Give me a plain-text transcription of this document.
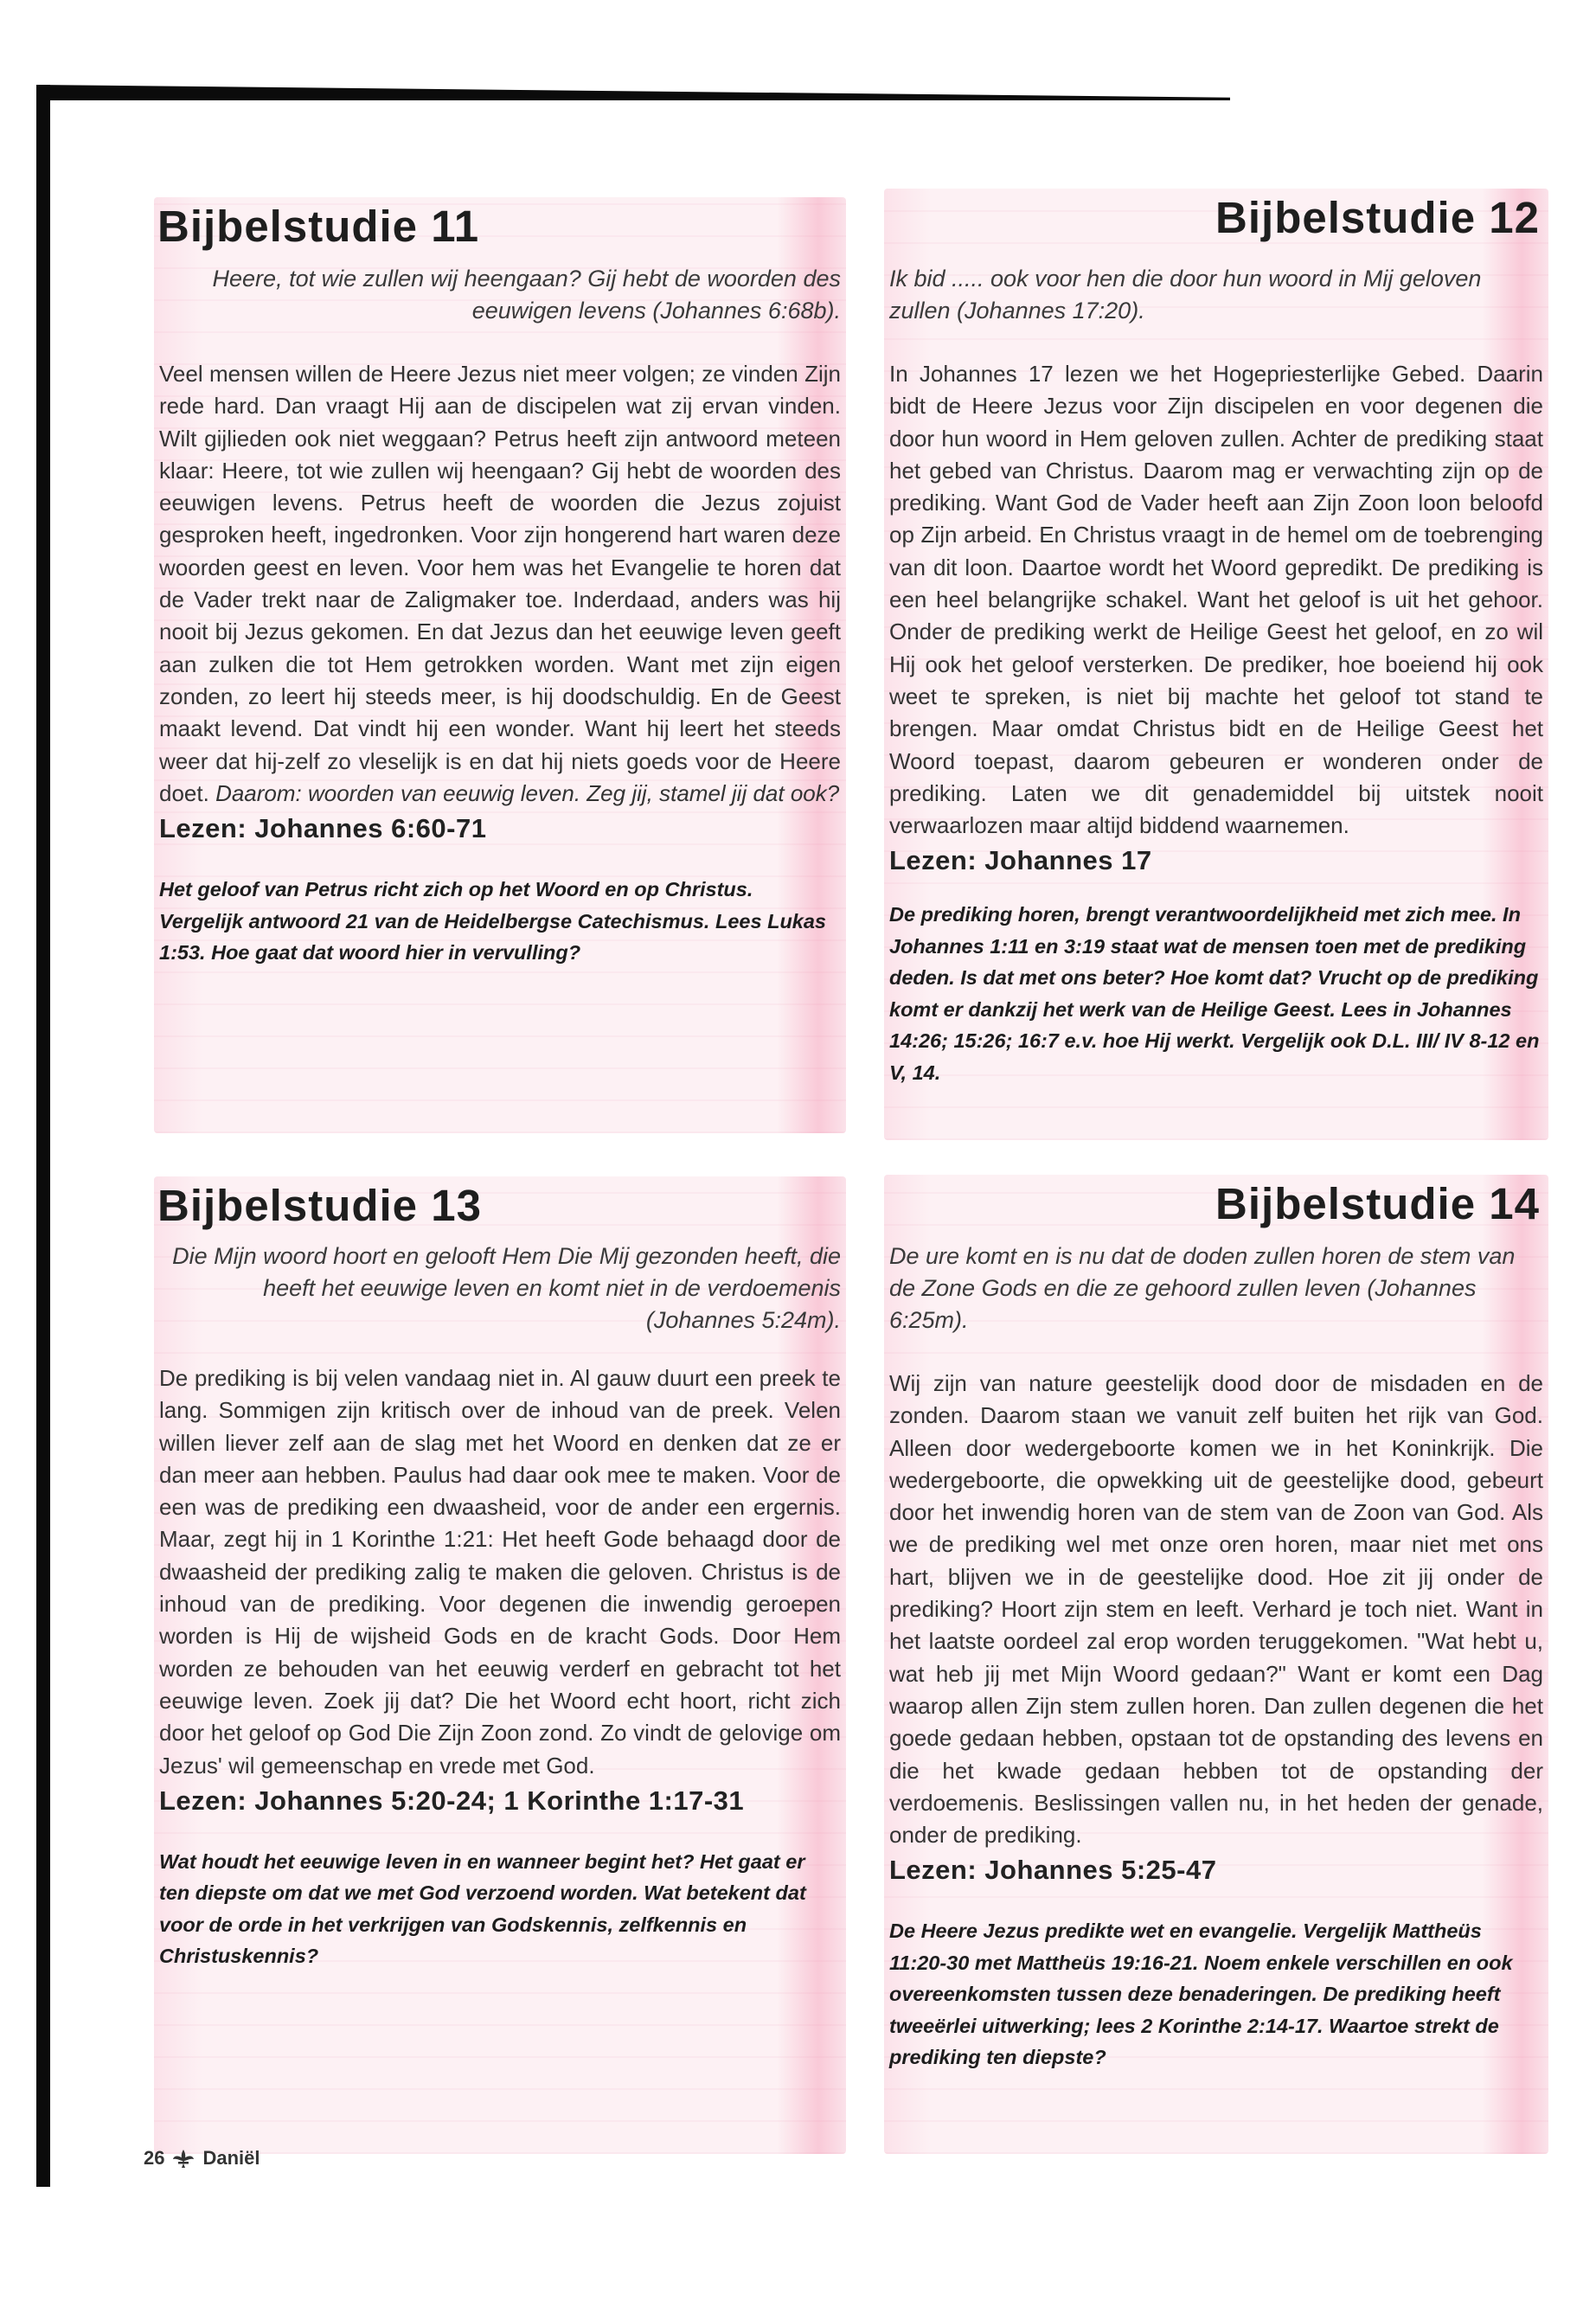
Bijbelstudie 11

Heere, tot wie zullen wij heengaan? Gij hebt de woorden des eeuwigen levens (Johannes 6:68b).

Veel mensen willen de Heere Jezus niet meer volgen; ze vinden Zijn rede hard. Dan vraagt Hij aan de discipelen wat zij ervan vinden. Wilt gijlieden ook niet weggaan? Petrus heeft zijn antwoord meteen klaar: Heere, tot wie zullen wij heengaan? Gij hebt de woorden des eeuwigen levens. Petrus heeft de woorden die Jezus zojuist gesproken heeft, ingedronken. Voor zijn hongerend hart waren deze woorden geest en leven. Voor hem was het Evangelie te horen dat de Vader trekt naar de Zaligmaker toe. Inderdaad, anders was hij nooit bij Jezus gekomen. En dat Jezus dan het eeuwige leven geeft aan zulken die tot Hem getrokken worden. Want met zijn eigen zonden, zo leert hij steeds meer, is hij doodschuldig. En de Geest maakt levend. Dat vindt hij een wonder. Want hij leert het steeds weer dat hij-zelf zo vleselijk is en dat hij niets goeds voor de Heere doet. Daarom: woorden van eeuwig leven. Zeg jij, stamel jij dat ook?

Lezen: Johannes 6:60-71

Het geloof van Petrus richt zich op het Woord en op Christus. Vergelijk antwoord 21 van de Heidelbergse Catechismus. Lees Lukas 1:53. Hoe gaat dat woord hier in vervulling?

Bijbelstudie 12

Ik bid ..... ook voor hen die door hun woord in Mij geloven zullen (Johannes 17:20).

In Johannes 17 lezen we het Hogepriesterlijke Gebed. Daarin bidt de Heere Jezus voor Zijn discipelen en voor degenen die door hun woord in Hem geloven zullen. Achter de prediking staat het gebed van Christus. Daarom mag er verwachting zijn op de prediking. Want God de Vader heeft aan Zijn Zoon loon beloofd op Zijn arbeid. En Christus vraagt in de hemel om de toebrenging van dit loon. Daartoe wordt het Woord gepredikt. De prediking is een heel belangrijke schakel. Want het geloof is uit het gehoor. Onder de prediking werkt de Heilige Geest het geloof, en zo wil Hij ook het geloof versterken. De prediker, hoe boeiend hij ook weet te spreken, is niet bij machte het geloof tot stand te brengen. Maar omdat Christus bidt en de Heilige Geest het Woord toepast, daarom gebeuren er wonderen onder de prediking. Laten we dit genademiddel bij uitstek nooit verwaarlozen maar altijd biddend waarnemen.

Lezen: Johannes 17

De prediking horen, brengt verantwoordelijkheid met zich mee. In Johannes 1:11 en 3:19 staat wat de mensen toen met de prediking deden. Is dat met ons beter? Hoe komt dat? Vrucht op de prediking komt er dankzij het werk van de Heilige Geest. Lees in Johannes 14:26; 15:26; 16:7 e.v. hoe Hij werkt. Vergelijk ook D.L. III/ IV 8-12 en V, 14.

Bijbelstudie 13

Die Mijn woord hoort en gelooft Hem Die Mij gezonden heeft, die heeft het eeuwige leven en komt niet in de verdoemenis (Johannes 5:24m).

De prediking is bij velen vandaag niet in. Al gauw duurt een preek te lang. Sommigen zijn kritisch over de inhoud van de preek. Velen willen liever zelf aan de slag met het Woord en denken dat ze er dan meer aan hebben. Paulus had daar ook mee te maken. Voor de een was de prediking een dwaasheid, voor de ander een ergernis. Maar, zegt hij in 1 Korinthe 1:21: Het heeft Gode behaagd door de dwaasheid der prediking zalig te maken die geloven. Christus is de inhoud van de prediking. Voor degenen die inwendig geroepen worden is Hij de wijsheid Gods en de kracht Gods. Door Hem worden ze behouden van het eeuwig verderf en gebracht tot het eeuwige leven. Zoek jij dat? Die het Woord echt hoort, richt zich door het geloof op God Die Zijn Zoon zond. Zo vindt de gelovige om Jezus' wil gemeenschap en vrede met God.

Lezen: Johannes 5:20-24; 1 Korinthe 1:17-31

Wat houdt het eeuwige leven in en wanneer begint het? Het gaat er ten diepste om dat we met God verzoend worden. Wat betekent dat voor de orde in het verkrijgen van Godskennis, zelfkennis en Christuskennis?

Bijbelstudie 14

De ure komt en is nu dat de doden zullen horen de stem van de Zone Gods en die ze gehoord zullen leven (Johannes 6:25m).

Wij zijn van nature geestelijk dood door de misdaden en de zonden. Daarom staan we vanuit zelf buiten het rijk van God. Alleen door wedergeboorte komen we in het Koninkrijk. Die wedergeboorte, die opwekking uit de geestelijke dood, gebeurt door het inwendig horen van de stem van de Zoon van God. Als we de prediking wel met onze oren horen, maar niet met ons hart, blijven we in de geestelijke dood. Hoe zit jij onder de prediking? Hoort zijn stem en leeft. Verhard je toch niet. Want in het laatste oordeel zal erop worden teruggekomen. "Wat hebt u, wat heb jij met Mijn Woord gedaan?" Want er komt een Dag waarop allen Zijn stem zullen horen. Dan zullen degenen die het goede gedaan hebben, opstaan tot de opstanding des levens en die het kwade gedaan hebben tot de opstanding der verdoemenis. Beslissingen vallen nu, in het heden der genade, onder de prediking.

Lezen: Johannes 5:25-47

De Heere Jezus predikte wet en evangelie. Vergelijk Mattheüs 11:20-30 met Mattheüs 19:16-21. Noem enkele verschillen en ook overeenkomsten tussen deze benaderingen. De prediking heeft tweeërlei uitwerking; lees 2 Korinthe 2:14-17. Waartoe strekt de prediking ten diepste?

26 Daniël
